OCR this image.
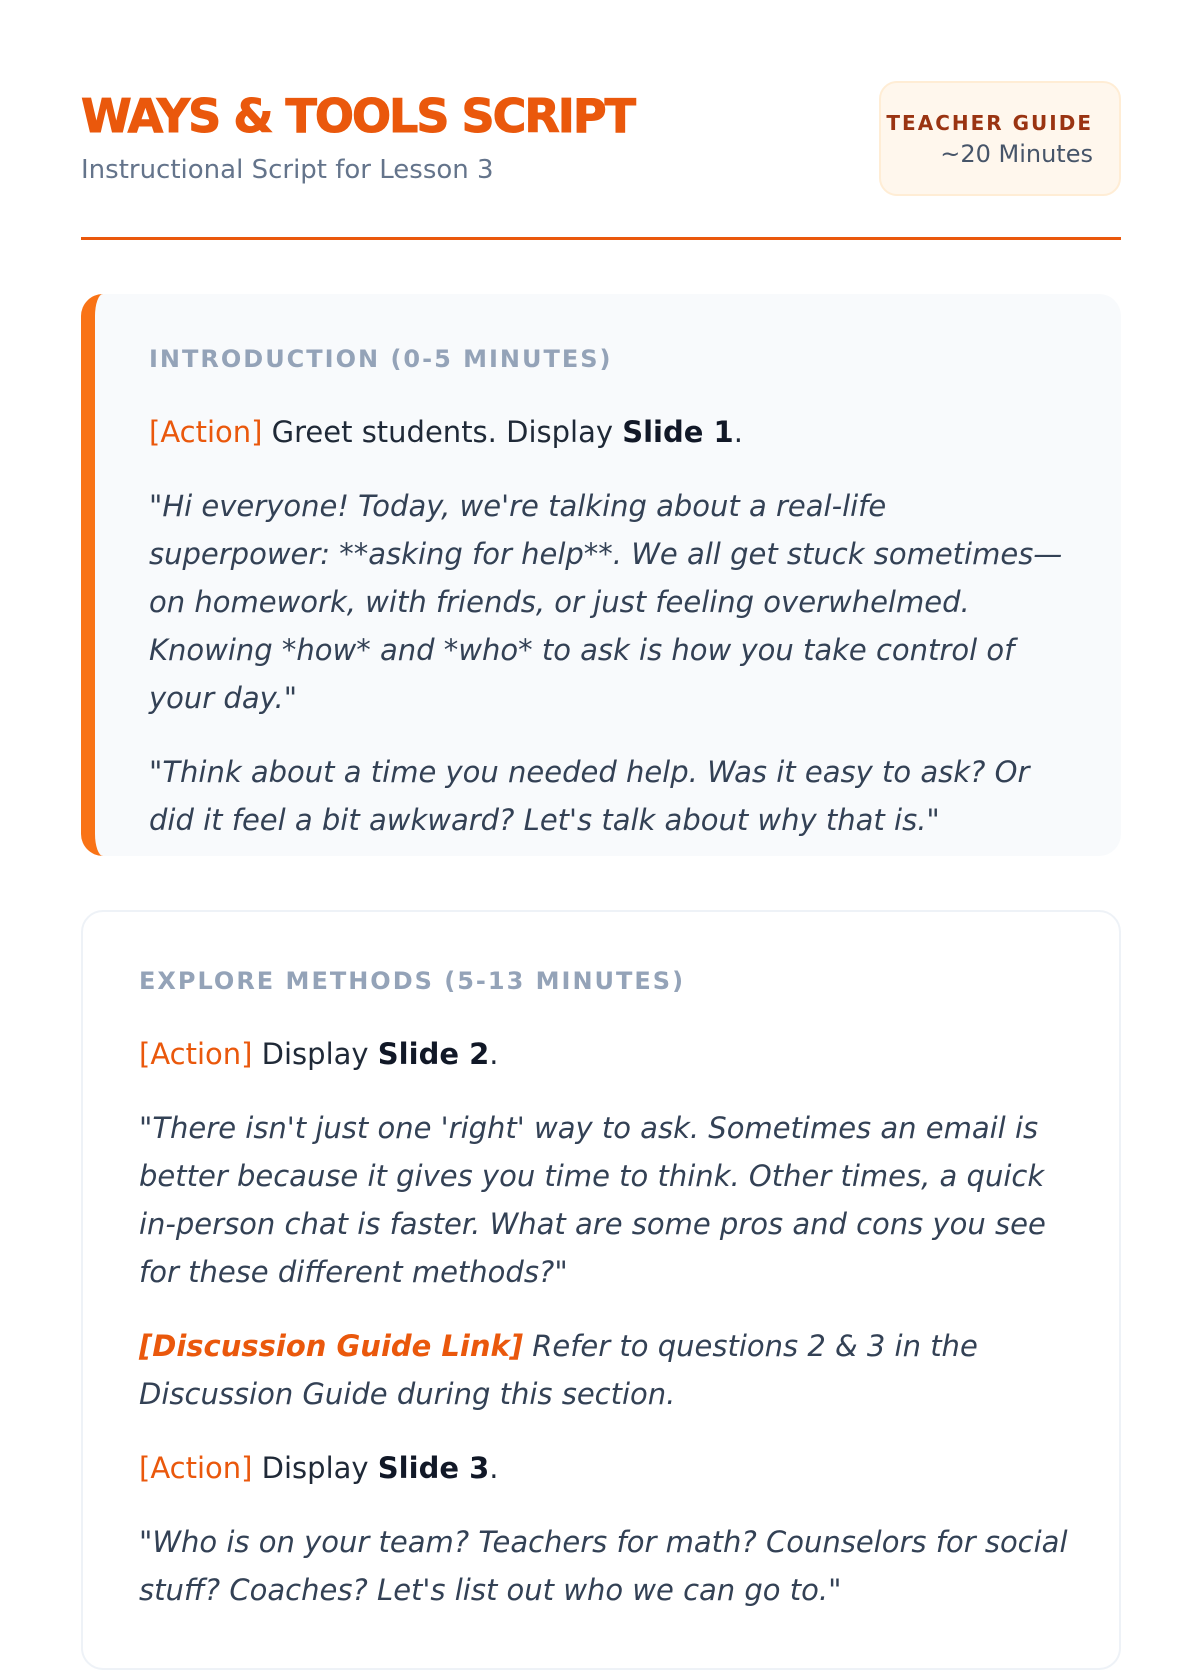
WAYS & TOOLS SCRIPT
Instructional Script for Lesson 3
TEACHER GUIDE
~20 Minutes
INTRODUCTION (0-5 MINUTES)

[Action] Greet students. Display Slide 1.

"Hi everyone! Today, we're talking about a real-life superpower: **asking for help**. We all get stuck sometimes—on homework, with friends, or just feeling overwhelmed. Knowing *how* and *who* to ask is how you take control of your day."

"Think about a time you needed help. Was it easy to ask? Or did it feel a bit awkward? Let's talk about why that is."

EXPLORE METHODS (5-13 MINUTES)

[Action] Display Slide 2.

"There isn't just one 'right' way to ask. Sometimes an email is better because it gives you time to think. Other times, a quick in-person chat is faster. What are some pros and cons you see for these different methods?"

[Discussion Guide Link] Refer to questions 2 & 3 in the Discussion Guide during this section.

[Action] Display Slide 3.

"Who is on your team? Teachers for math? Counselors for social stuff? Coaches? Let's list out who we can go to."
